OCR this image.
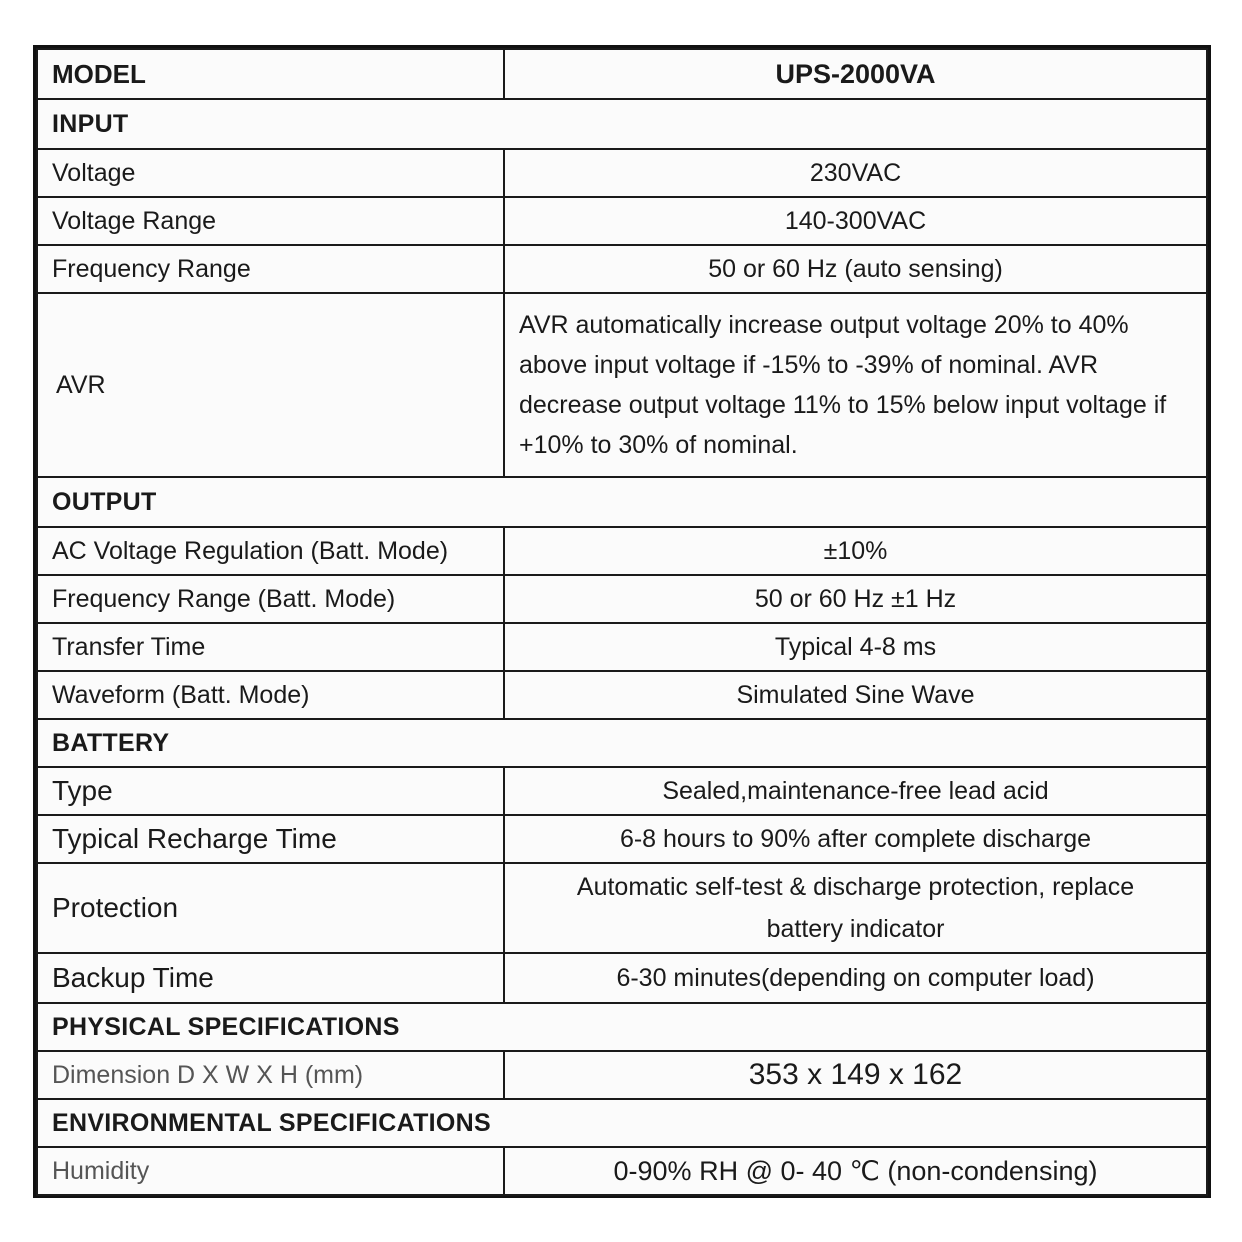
MODEL	UPS-2000VA
INPUT	
Voltage	230VAC
Voltage Range	140-300VAC
Frequency Range	50 or 60 Hz (auto sensing)
AVR	AVR automatically increase output voltage 20% to 40% above input voltage if -15% to -39% of nominal. AVR decrease output voltage 11% to 15% below input voltage if +10% to 30% of nominal.
OUTPUT	
AC Voltage Regulation (Batt. Mode)	±10%
Frequency Range (Batt. Mode)	50 or 60 Hz ±1 Hz
Transfer Time	Typical 4-8 ms
Waveform (Batt. Mode)	Simulated Sine Wave
BATTERY	
Type	Sealed,maintenance-free lead acid
Typical Recharge Time	6-8 hours to 90% after complete discharge
Protection	Automatic self-test & discharge protection, replace battery indicator
Backup Time	6-30 minutes(depending on computer load)
PHYSICAL SPECIFICATIONS	
Dimension D X W X H (mm)	353 x 149 x 162
ENVIRONMENTAL SPECIFICATIONS	
Humidity	0-90% RH @ 0- 40 ℃ (non-condensing)
